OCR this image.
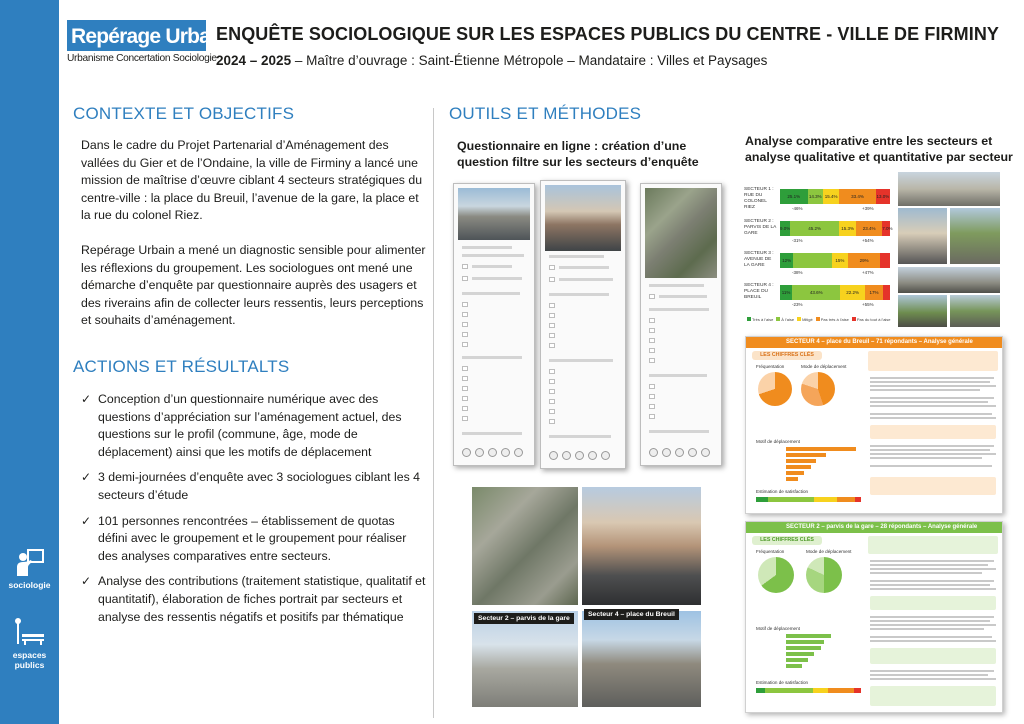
sociologie
espaces publics
Repérage Urbain
Urbanisme Concertation Sociologie
ENQUÊTE SOCIOLOGIQUE SUR LES ESPACES PUBLICS DU CENTRE - VILLE DE FIRMINY
2024 – 2025 – Maître d’ouvrage : Saint-Étienne Métropole – Mandataire : Villes et Paysages
CONTEXTE ET OBJECTIFS

Dans le cadre du Projet Partenarial d’Aménagement des vallées du Gier et de l’Ondaine, la ville de Firminy a lancé une mission de maîtrise d’œuvre ciblant 4 secteurs stratégiques du centre-ville : la place du Breuil, l’avenue de la gare, la place et la rue du colonel Riez.

Repérage Urbain a mené un diagnostic sensible pour alimenter les réflexions du groupement. Les sociologues ont mené une démarche d’enquête par questionnaire auprès des usagers et des riverains afin de collecter leurs ressentis, leurs perceptions et souhaits d’aménagement.

ACTIONS ET RÉSULTALTS
✓ Conception d’un questionnaire numérique avec des questions d’appréciation sur l’aménagement actuel, des questions sur le profil (commune, âge, mode de déplacement) ainsi que les motifs de déplacement
✓ 3 demi-journées d’enquête avec 3 sociologues ciblant les 4 secteurs d’étude
✓ 101 personnes rencontrées – établissement de quotas défini avec le groupement et le groupement pour réaliser des analyses comparatives entre secteurs.
✓ Analyse des contributions (traitement statistique, qualitatif et quantitatif), élaboration de fiches portrait par secteurs et analyse des ressentis négatifs et positifs par thématique
OUTILS ET MÉTHODES
Questionnaire en ligne : création d’une question filtre sur les secteurs d’enquête
Analyse comparative entre les secteurs et analyse qualitative et quantitative par secteur
SECTEUR 1 : RUE DU COLONEL RIEZ
25.1%	14.3% 15.4%	33.4%	13.0%
-46%	+39%
SECTEUR 2 : PARVIS DE LA GARE
9.0%	45.2%	15.3%	23.4%	7.0%
-31%	+54%
SECTEUR 3 : AVENUE DE LA GARE
12%	15%	29%
-38%	+47%
SECTEUR 4 : PLACE DU BREUIL
11%	43.6%	22.2%	17%
-23%	+55%
Très à l'aise À l'aise Mitigé Pas très à l'aise Pas du tout à l'aise
SECTEUR 4 – place du Breuil – 71 répondants – Analyse générale
LES CHIFFRES CLÉS
Fréquentation	Mode de déplacement
Motif de déplacement
Estimation de satisfaction
SECTEUR 2 – parvis de la gare – 28 répondants – Analyse générale
LES CHIFFRES CLÉS
Fréquentation	Mode de déplacement
Motif de déplacement
Estimation de satisfaction
Secteur 2 – parvis de la gare
Secteur 4 – place du Breuil
